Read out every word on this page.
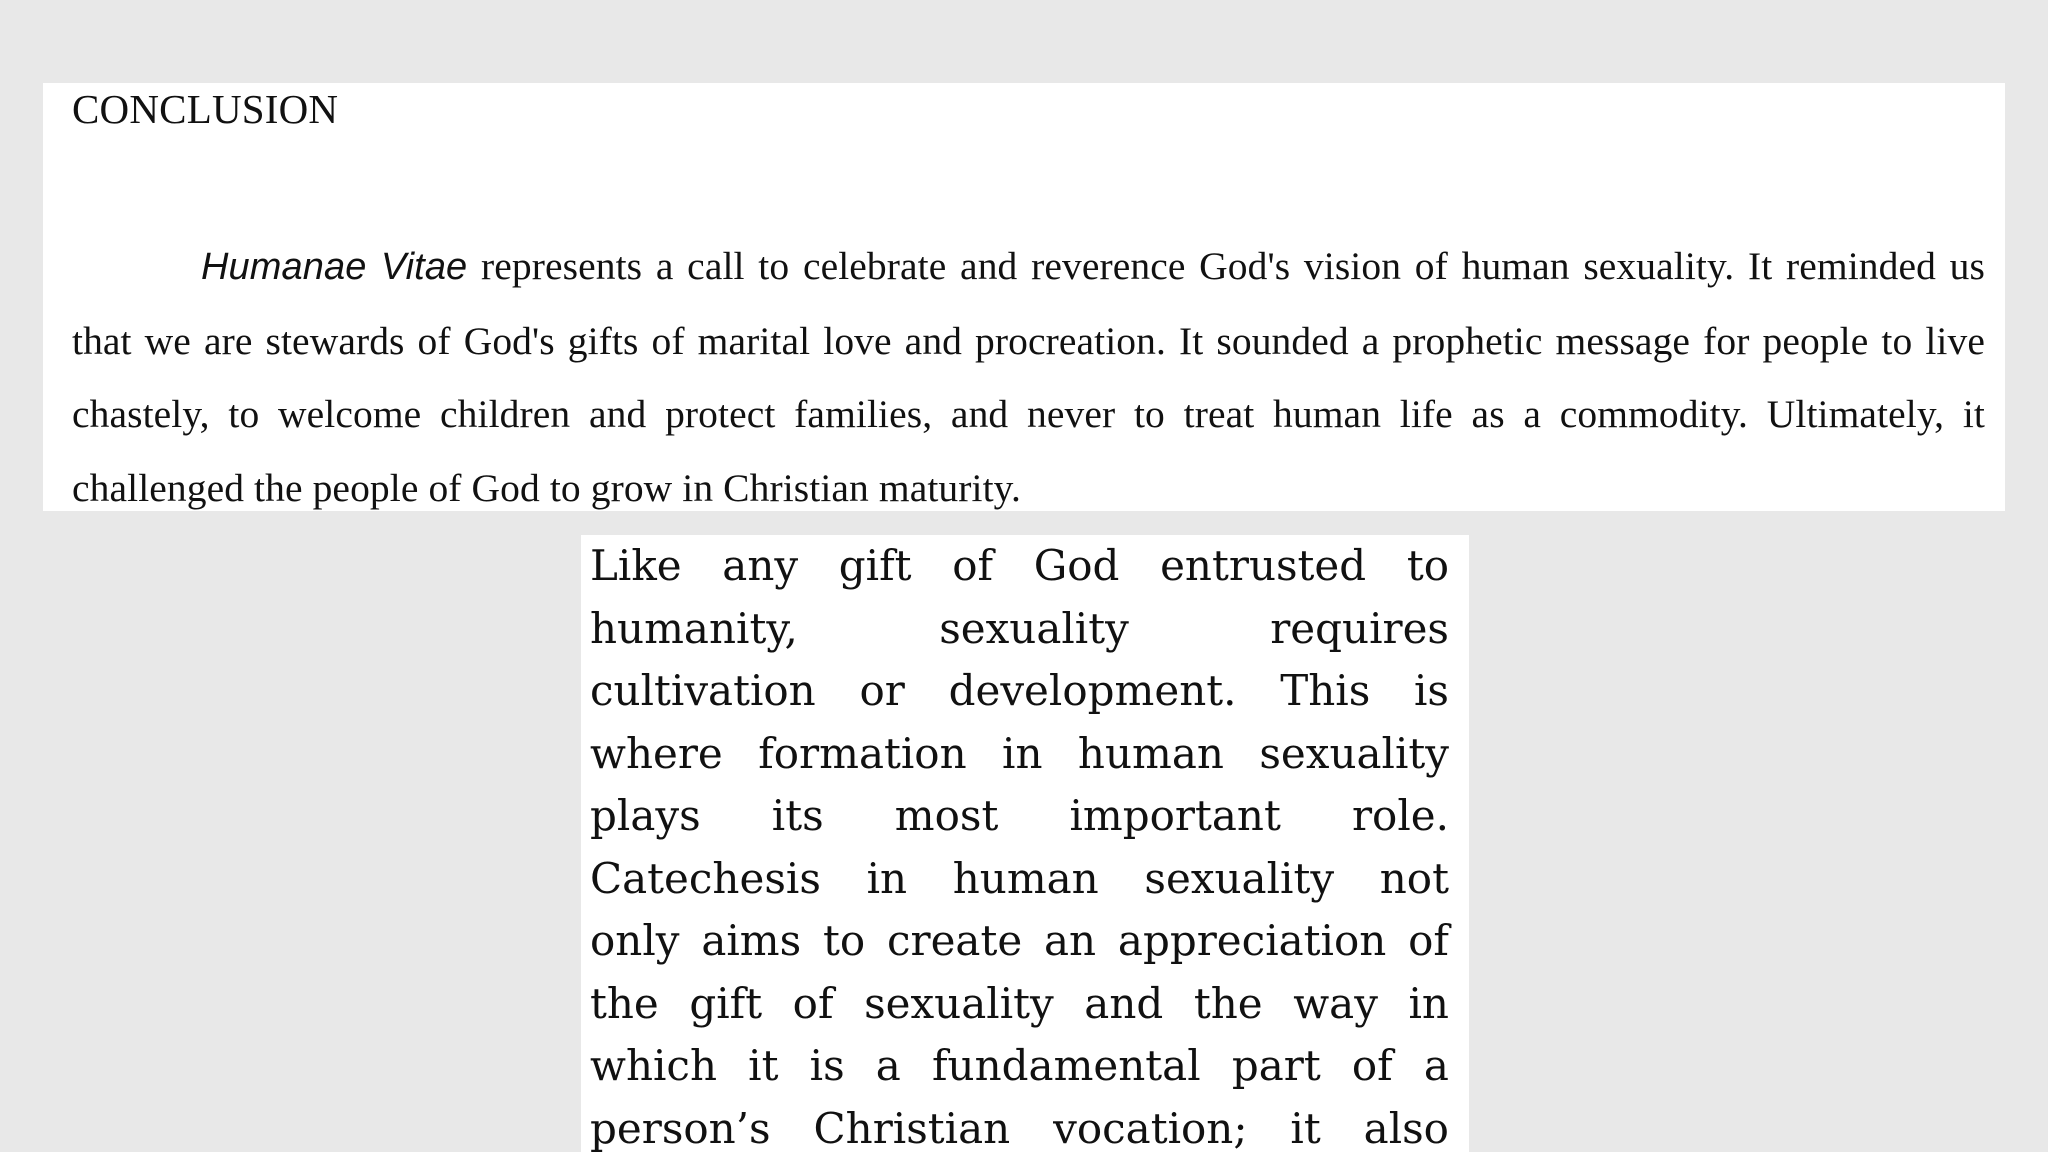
CONCLUSION

Humanae Vitae represents a call to celebrate and reverence God's vision of human sexuality. It reminded us that we are stewards of God's gifts of marital love and procreation. It sounded a prophetic message for people to live chastely, to welcome children and protect families, and never to treat human life as a commodity. Ultimately, it challenged the people of God to grow in Christian maturity.

Like any gift of God entrusted to
humanity,	sexuality	requires
cultivation or development. This is
where formation in human sexuality
plays its most important role.
Catechesis in human sexuality not
only aims to create an appreciation of
the gift of sexuality and the way in
which it is a fundamental part of a
person’s Christian vocation; it also
